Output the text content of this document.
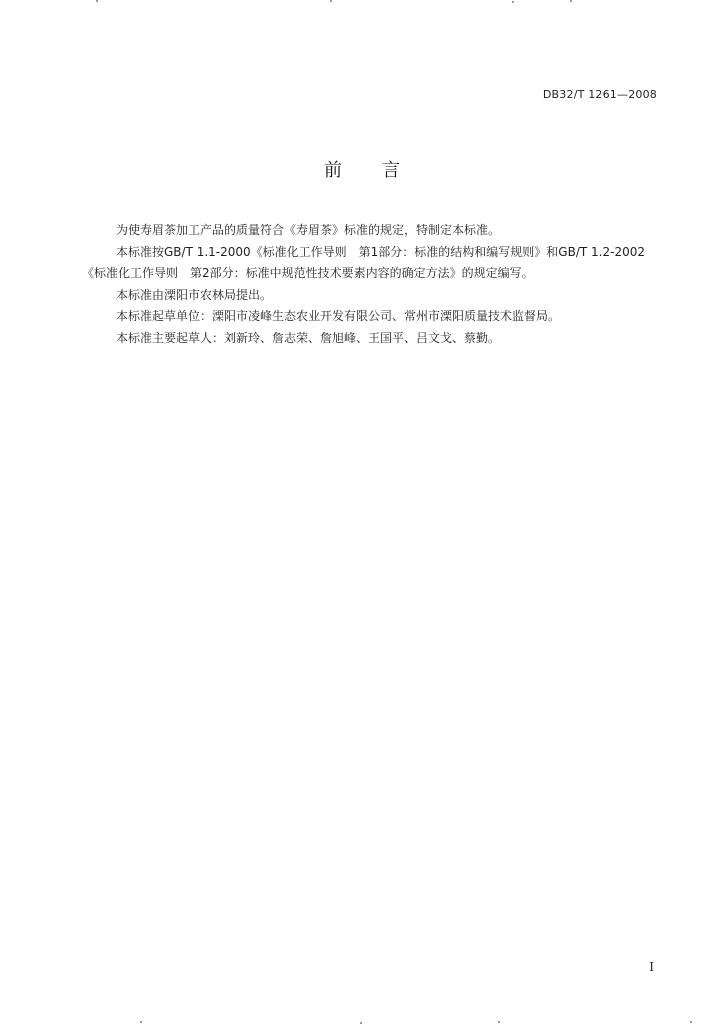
DB32/T 1261—2008
前言

为使寿眉茶加工产品的质量符合《寿眉茶》标准的规定，特制定本标准。

本标准按GB/T 1.1-2000《标准化工作导则　第1部分：标准的结构和编写规则》和GB/T 1.2-2002

《标准化工作导则　第2部分：标准中规范性技术要素内容的确定方法》的规定编写。

本标准由溧阳市农林局提出。

本标准起草单位：溧阳市凌峰生态农业开发有限公司、常州市溧阳质量技术监督局。

本标准主要起草人：刘新玲、詹志荣、詹旭峰、王国平、吕文戈、蔡勤。

I
